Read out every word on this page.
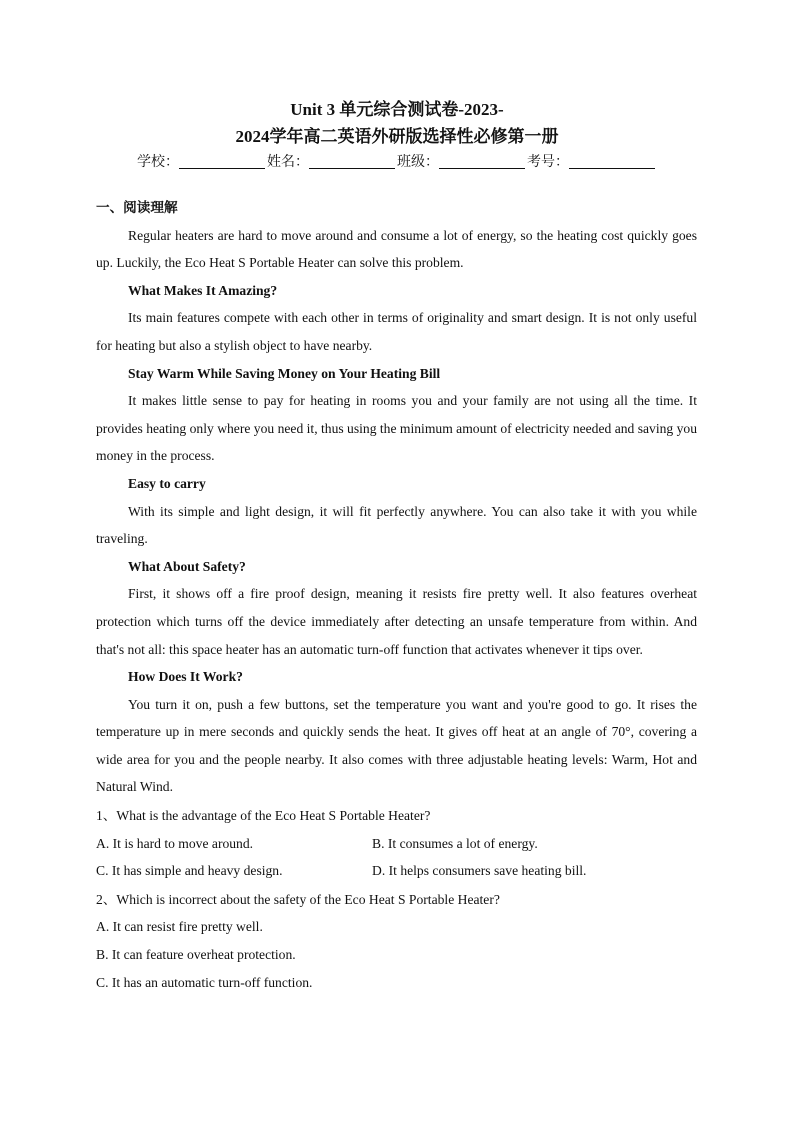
Unit 3 单元综合测试卷-2023-
2024学年高二英语外研版选择性必修第一册
学校：	姓名：	班级：	考号：

一、阅读理解

Regular heaters are hard to move around and consume a lot of energy, so the heating cost quickly goes up. Luckily, the Eco Heat S Portable Heater can solve this problem.

What Makes It Amazing?

Its main features compete with each other in terms of originality and smart design. It is not only useful for heating but also a stylish object to have nearby.

Stay Warm While Saving Money on Your Heating Bill

It makes little sense to pay for heating in rooms you and your family are not using all the time. It provides heating only where you need it, thus using the minimum amount of electricity needed and saving you money in the process.

Easy to carry

With its simple and light design, it will fit perfectly anywhere. You can also take it with you while traveling.

What About Safety?

First, it shows off a fire proof design, meaning it resists fire pretty well. It also features overheat protection which turns off the device immediately after detecting an unsafe temperature from within. And that's not all: this space heater has an automatic turn-off function that activates whenever it tips over.

How Does It Work?

You turn it on, push a few buttons, set the temperature you want and you're good to go. It rises the temperature up in mere seconds and quickly sends the heat. It gives off heat at an angle of 70°, covering a wide area for you and the people nearby. It also comes with three adjustable heating levels: Warm, Hot and Natural Wind.

1、What is the advantage of the Eco Heat S Portable Heater?

A. It is hard to move around.	B. It consumes a lot of energy.
C. It has simple and heavy design.	D. It helps consumers save heating bill.

2、Which is incorrect about the safety of the Eco Heat S Portable Heater?

A. It can resist fire pretty well.

B. It can feature overheat protection.

C. It has an automatic turn-off function.
